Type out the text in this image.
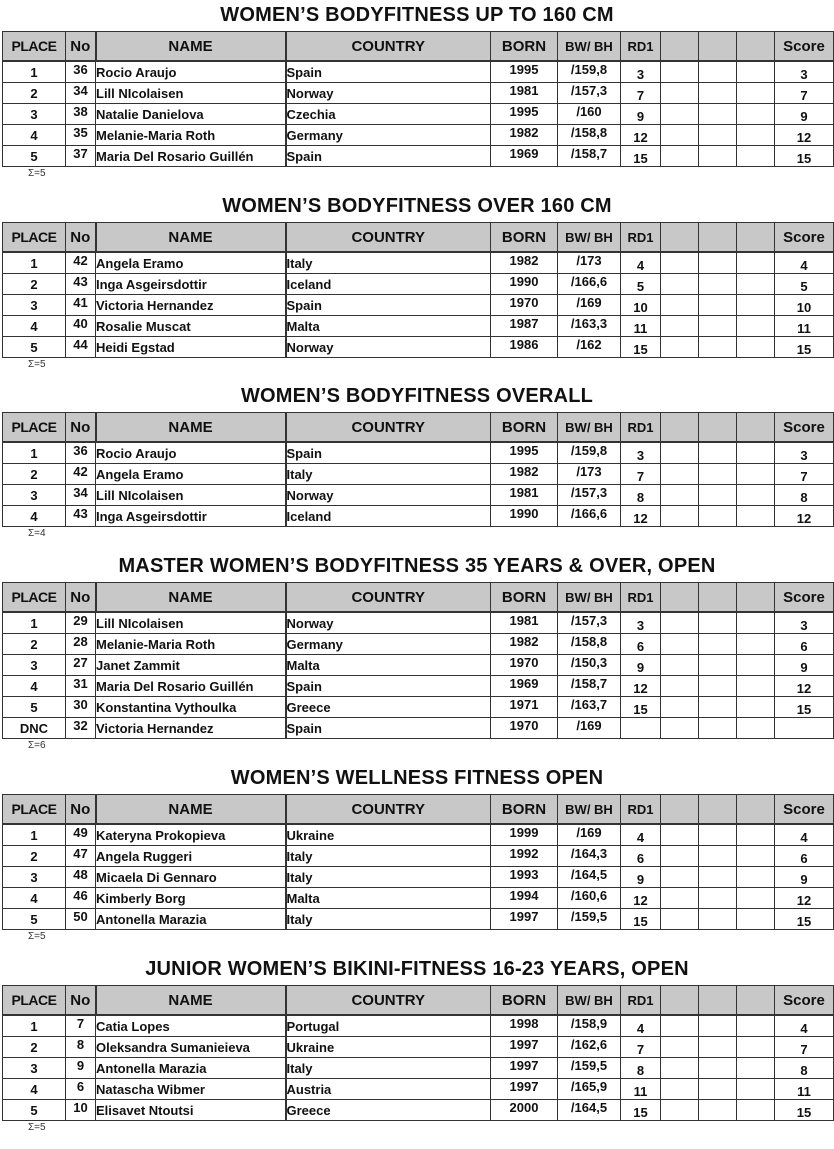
WOMEN’S BODYFITNESS UP TO 160 CM
PLACE	No	NAME	COUNTRY	BORN	BW/ BH	RD1				Score
1	36	Rocio Araujo	Spain	1995	/159,8	3				3
2	34	Lill NIcolaisen	Norway	1981	/157,3	7				7
3	38	Natalie Danielova	Czechia	1995	/160	9				9
4	35	Melanie-Maria Roth	Germany	1982	/158,8	12				12
5	37	Maria Del Rosario Guillén	Spain	1969	/158,7	15				15
Σ=5
WOMEN’S BODYFITNESS OVER 160 CM
PLACE	No	NAME	COUNTRY	BORN	BW/ BH	RD1				Score
1	42	Angela Eramo	Italy	1982	/173	4				4
2	43	Inga Asgeirsdottir	Iceland	1990	/166,6	5				5
3	41	Victoria Hernandez	Spain	1970	/169	10				10
4	40	Rosalie Muscat	Malta	1987	/163,3	11				11
5	44	Heidi Egstad	Norway	1986	/162	15				15
Σ=5
WOMEN’S BODYFITNESS OVERALL
PLACE	No	NAME	COUNTRY	BORN	BW/ BH	RD1				Score
1	36	Rocio Araujo	Spain	1995	/159,8	3				3
2	42	Angela Eramo	Italy	1982	/173	7				7
3	34	Lill NIcolaisen	Norway	1981	/157,3	8				8
4	43	Inga Asgeirsdottir	Iceland	1990	/166,6	12				12
Σ=4
MASTER WOMEN’S BODYFITNESS 35 YEARS & OVER, OPEN
PLACE	No	NAME	COUNTRY	BORN	BW/ BH	RD1				Score
1	29	Lill NIcolaisen	Norway	1981	/157,3	3				3
2	28	Melanie-Maria Roth	Germany	1982	/158,8	6				6
3	27	Janet Zammit	Malta	1970	/150,3	9				9
4	31	Maria Del Rosario Guillén	Spain	1969	/158,7	12				12
5	30	Konstantina Vythoulka	Greece	1971	/163,7	15				15
DNC	32	Victoria Hernandez	Spain	1970	/169					
Σ=6
WOMEN’S WELLNESS FITNESS OPEN
PLACE	No	NAME	COUNTRY	BORN	BW/ BH	RD1				Score
1	49	Kateryna Prokopieva	Ukraine	1999	/169	4				4
2	47	Angela Ruggeri	Italy	1992	/164,3	6				6
3	48	Micaela Di Gennaro	Italy	1993	/164,5	9				9
4	46	Kimberly Borg	Malta	1994	/160,6	12				12
5	50	Antonella Marazia	Italy	1997	/159,5	15				15
Σ=5
JUNIOR WOMEN’S BIKINI-FITNESS 16-23 YEARS, OPEN
PLACE	No	NAME	COUNTRY	BORN	BW/ BH	RD1				Score
1	7	Catia Lopes	Portugal	1998	/158,9	4				4
2	8	Oleksandra Sumanieieva	Ukraine	1997	/162,6	7				7
3	9	Antonella Marazia	Italy	1997	/159,5	8				8
4	6	Natascha Wibmer	Austria	1997	/165,9	11				11
5	10	Elisavet Ntoutsi	Greece	2000	/164,5	15				15
Σ=5
